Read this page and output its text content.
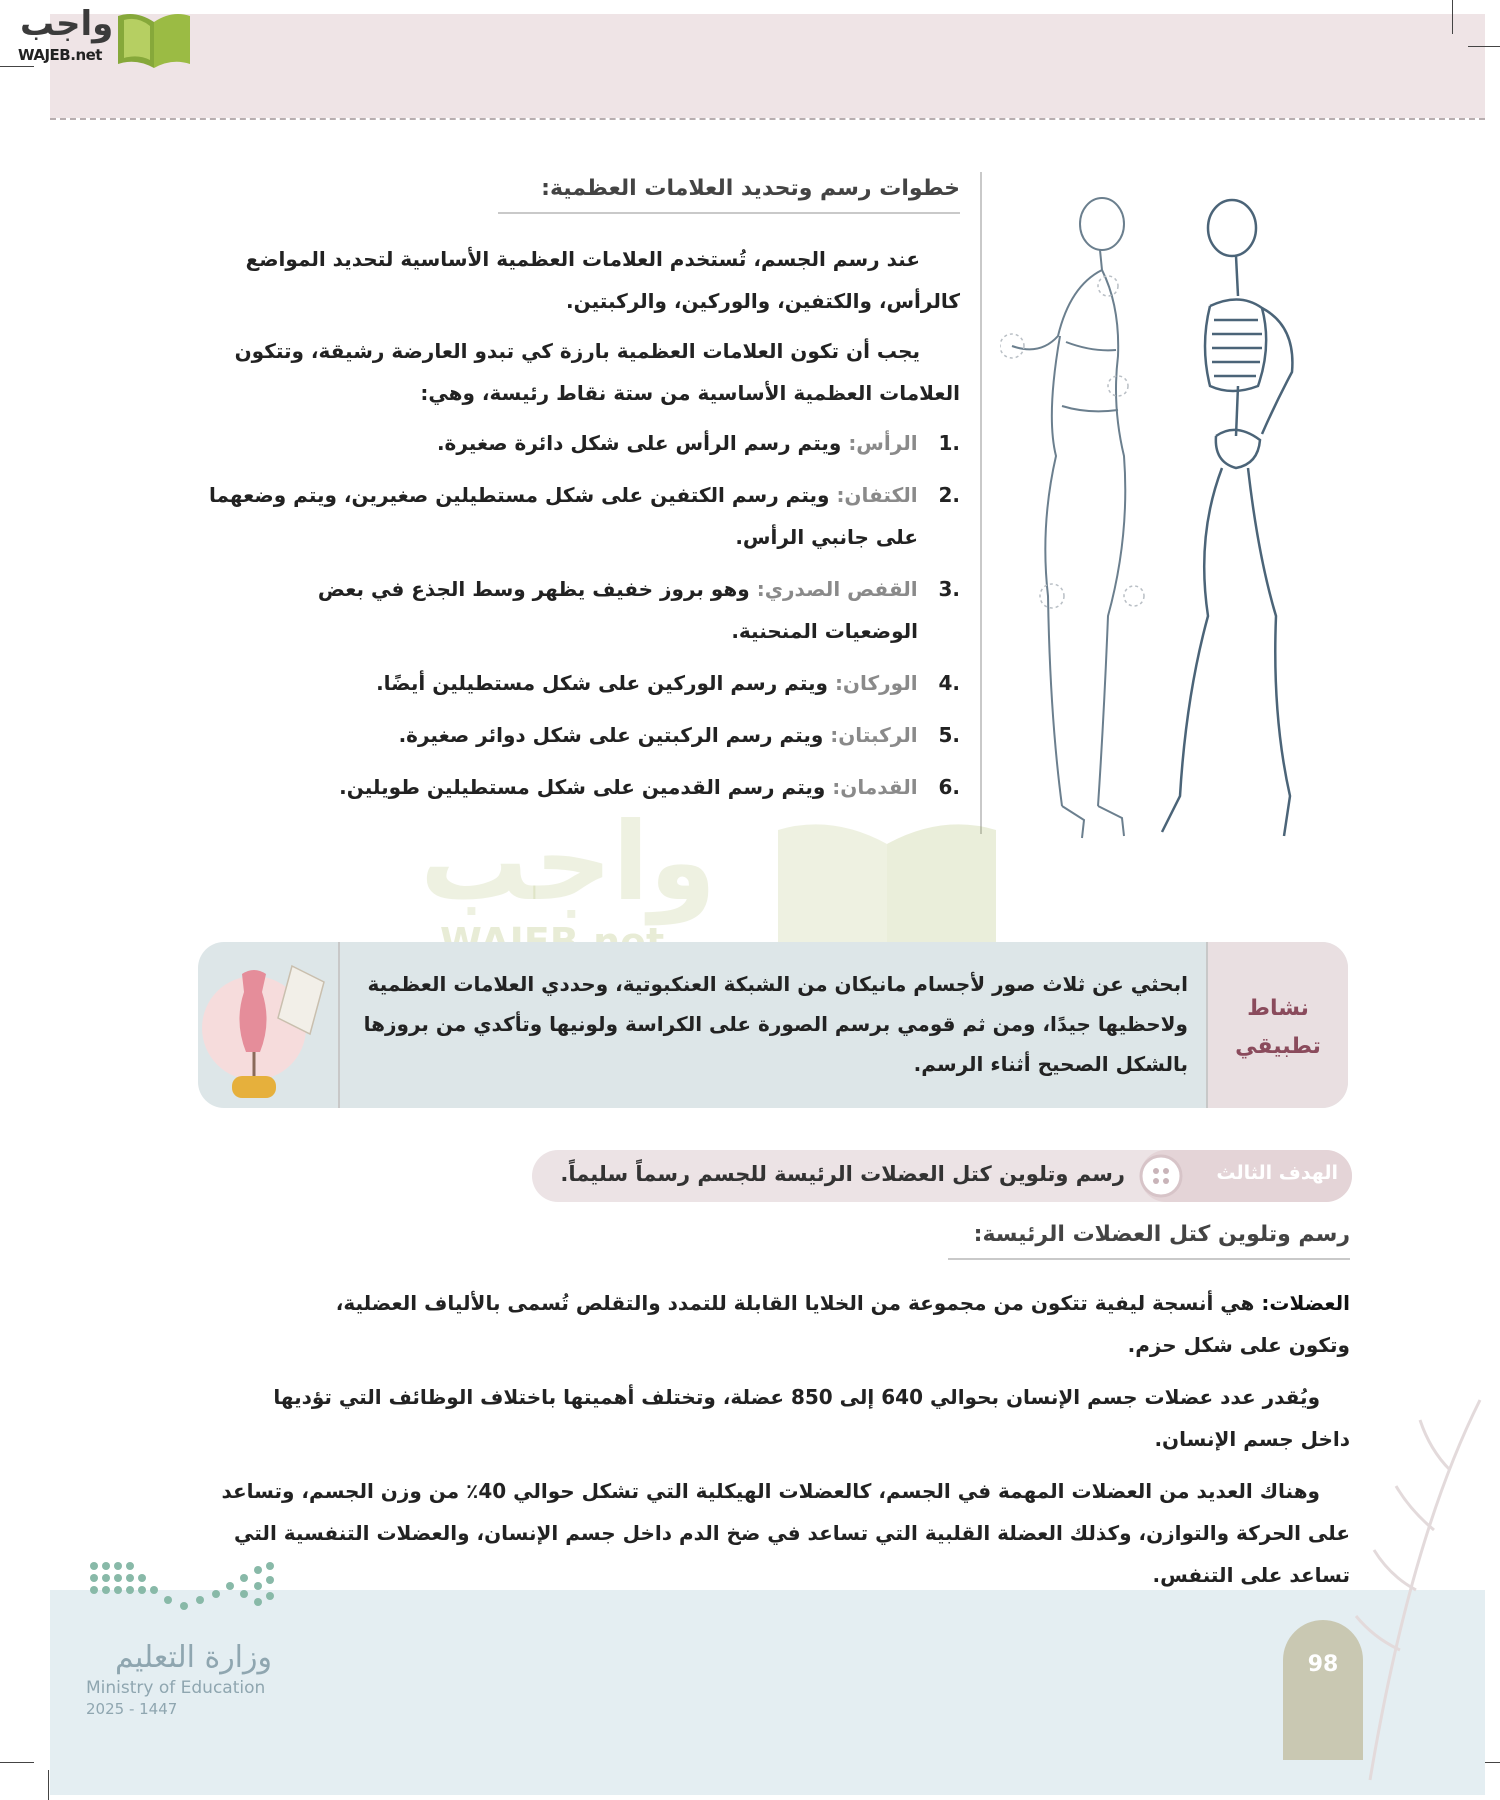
واجب
WAJEB.net
خطوات رسم وتحديد العلامات العظمية:
عند رسم الجسم، تُستخدم العلامات العظمية الأساسية لتحديد المواضع
كالرأس، والكتفين، والوركين، والركبتين.
يجب أن تكون العلامات العظمية بارزة كي تبدو العارضة رشيقة، وتتكون
العلامات العظمية الأساسية من ستة نقاط رئيسة، وهي:
.1   الرأس: ويتم رسم الرأس على شكل دائرة صغيرة.
.2   الكتفان: ويتم رسم الكتفين على شكل مستطيلين صغيرين، ويتم وضعهما
على جانبي الرأس.
.3   القفص الصدري: وهو بروز خفيف يظهر وسط الجذع في بعض
الوضعيات المنحنية.
.4   الوركان: ويتم رسم الوركين على شكل مستطيلين أيضًا.
.5   الركبتان: ويتم رسم الركبتين على شكل دوائر صغيرة.
.6   القدمان: ويتم رسم القدمين على شكل مستطيلين طويلين.
واجب
نشاط
تطبيقي
ابحثي عن ثلاث صور لأجسام مانيكان من الشبكة العنكبوتية، وحددي العلامات العظمية
ولاحظيها جيدًا، ومن ثم قومي برسم الصورة على الكراسة ولونيها وتأكدي من بروزها
بالشكل الصحيح أثناء الرسم.
الهدف الثالث
رسم وتلوين كتل العضلات الرئيسة للجسم رسماً سليماً.
رسم وتلوين كتل العضلات الرئيسة:
العضلات: هي أنسجة ليفية تتكون من مجموعة من الخلايا القابلة للتمدد والتقلص تُسمى بالألياف العضلية،
وتكون على شكل حزم.
ويُقدر عدد عضلات جسم الإنسان بحوالي 640 إلى 850 عضلة، وتختلف أهميتها باختلاف الوظائف التي تؤديها
داخل جسم الإنسان.
وهناك العديد من العضلات المهمة في الجسم، كالعضلات الهيكلية التي تشكل حوالي 40٪ من وزن الجسم، وتساعد
على الحركة والتوازن، وكذلك العضلة القلبية التي تساعد في ضخ الدم داخل جسم الإنسان، والعضلات التنفسية التي
تساعد على التنفس.
وزارة التعليم
Ministry of Education
2025 - 1447
98
